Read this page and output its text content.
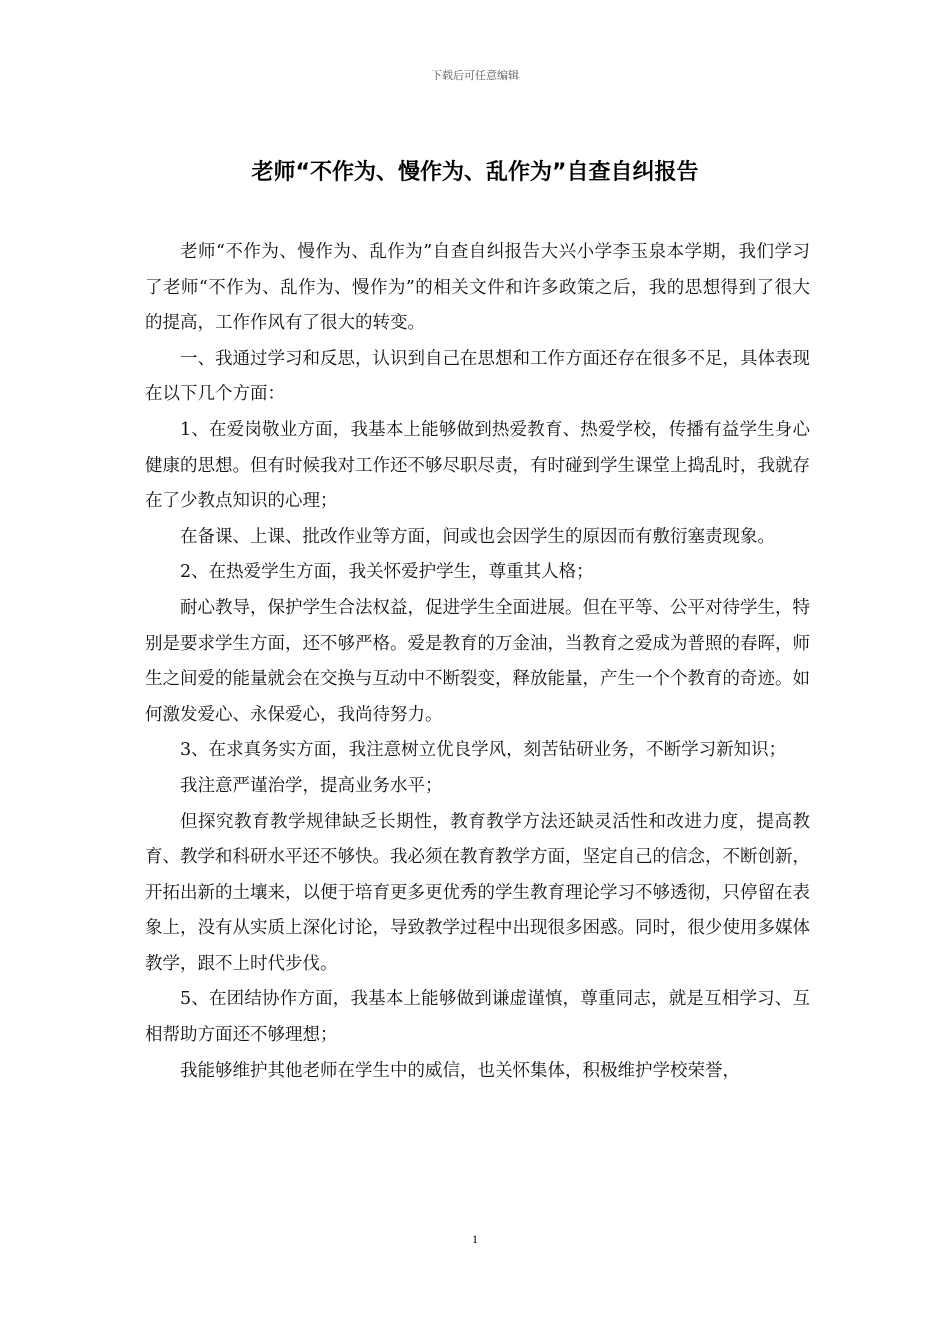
下载后可任意编辑
老师“不作为、慢作为、乱作为”自查自纠报告

老师“不作为、慢作为、乱作为”自查自纠报告大兴小学李玉泉本学期，我们学习了老师“不作为、乱作为、慢作为”的相关文件和许多政策之后，我的思想得到了很大的提高，工作作风有了很大的转变。

一、我通过学习和反思，认识到自己在思想和工作方面还存在很多不足，具体表现在以下几个方面：

1、在爱岗敬业方面，我基本上能够做到热爱教育、热爱学校，传播有益学生身心健康的思想。但有时候我对工作还不够尽职尽责，有时碰到学生课堂上捣乱时，我就存在了少教点知识的心理；

在备课、上课、批改作业等方面，间或也会因学生的原因而有敷衍塞责现象。

2、在热爱学生方面，我关怀爱护学生，尊重其人格；

耐心教导，保护学生合法权益，促进学生全面进展。但在平等、公平对待学生，特别是要求学生方面，还不够严格。爱是教育的万金油，当教育之爱成为普照的春晖，师生之间爱的能量就会在交换与互动中不断裂变，释放能量，产生一个个教育的奇迹。如何激发爱心、永保爱心，我尚待努力。

3、在求真务实方面，我注意树立优良学风，刻苦钻研业务，不断学习新知识；

我注意严谨治学，提高业务水平；

但探究教育教学规律缺乏长期性，教育教学方法还缺灵活性和改进力度，提高教育、教学和科研水平还不够快。我必须在教育教学方面，坚定自己的信念，不断创新，开拓出新的土壤来，以便于培育更多更优秀的学生教育理论学习不够透彻，只停留在表象上，没有从实质上深化讨论，导致教学过程中出现很多困惑。同时，很少使用多媒体教学，跟不上时代步伐。

5、在团结协作方面，我基本上能够做到谦虚谨慎，尊重同志，就是互相学习、互相帮助方面还不够理想；

我能够维护其他老师在学生中的威信，也关怀集体，积极维护学校荣誉，

1
